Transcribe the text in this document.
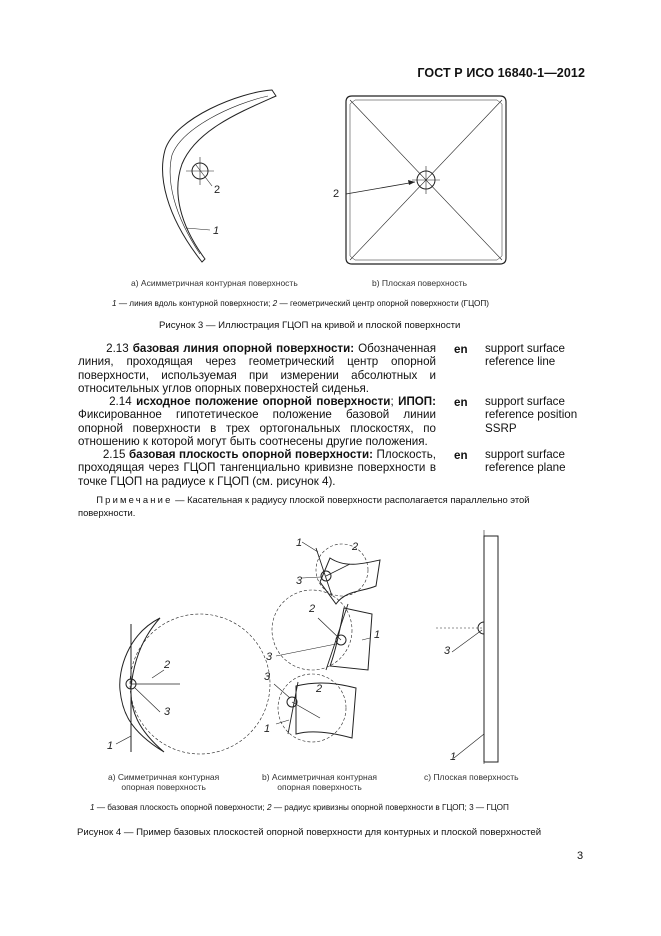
ГОСТ Р ИСО 16840-1—2012
2
1
2
a) Асимметричная контурная поверхность	b) Плоская поверхность
1 — линия вдоль контурной поверхности; 2 — геометрический центр опорной поверхности (ГЦОП)
Рисунок 3 — Иллюстрация ГЦОП на кривой и плоской поверхности
2.13 базовая линия опорной поверхности: Обозначенная линия, проходящая через геометрический центр опорной поверхности, используемая при измерении абсолютных и относительных углов опорных поверхностей сиденья.
en support surface
reference line
2.14 исходное положение опорной поверхности; ИПОП: Фиксированное гипотетическое положение базовой линии опорной поверхности в трех ортогональных плоскостях, по отношению к которой могут быть соотнесены другие положения.
en support surface
reference position
SSRP
2.15 базовая плоскость опорной поверхности: Плоскость, проходящая через ГЦОП тангенциально кривизне поверхности в точке ГЦОП на радиусе к ГЦОП (см. рисунок 4).
en support surface
reference plane
Примечание — Касательная к радиусу плоской поверхности располагается параллельно этой поверхности.
2
3
1
1	2
3
2
1
3
3
2
1
3
1
a) Симметричная контурная
опорная поверхность
b) Асимметричная контурная
опорная поверхность
c) Плоская поверхность
1 — базовая плоскость опорной поверхности; 2 — радиус кривизны опорной поверхности в ГЦОП; 3 — ГЦОП
Рисунок 4 — Пример базовых плоскостей опорной поверхности для контурных и плоской поверхностей
3
